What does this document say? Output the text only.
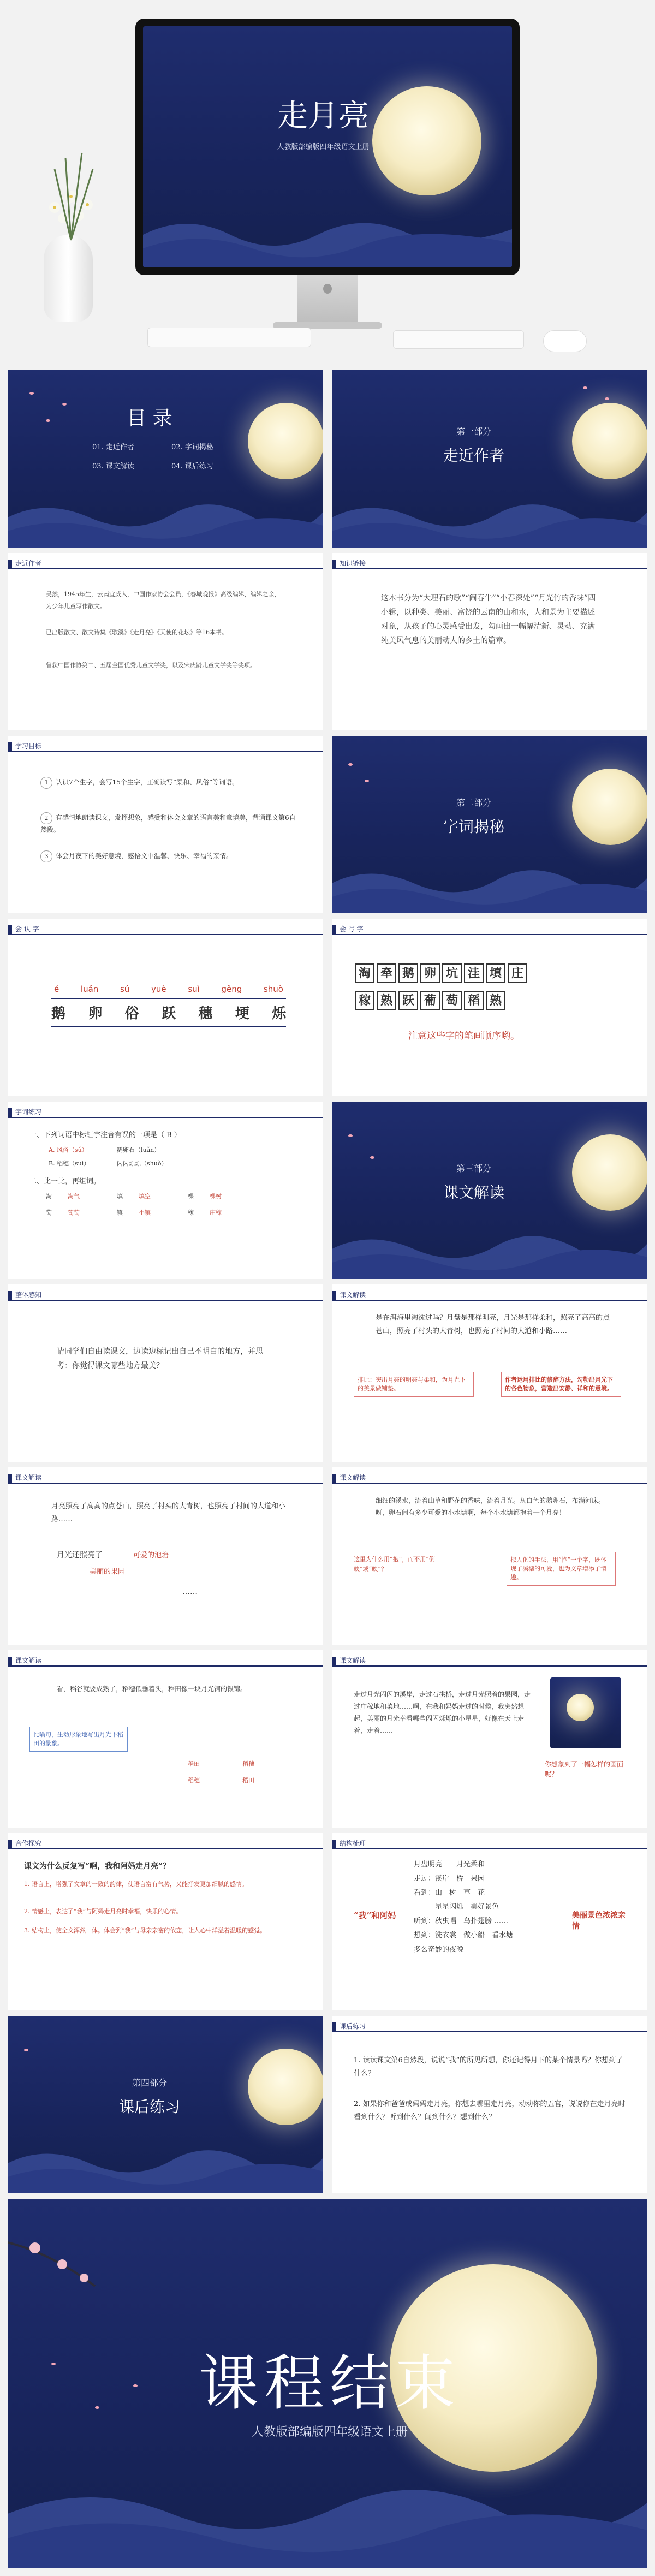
走月亮
人教版部编版四年级语文上册
目 录
01. 走近作者	02. 字词揭秘
03. 课文解读	04. 课后练习
第一部分
走近作者
走近作者
吴然，1945年生，云南宜威人，中国作家协会会员，《春城晚报》高级编辑，编辑之余，为少年儿童写作散文。
已出版散文、散文诗集《歌溪》《走月亮》《天使的花坛》等16本书。
曾获中国作协第二、五届全国优秀儿童文学奖，以及宋庆龄儿童文学奖等奖项。
知识链接
这本书分为“大理石的歌”“闹春牛”“小春深处”“月光竹的香味”四小辑，以种类、美丽、富饶的云南的山和水，人和景为主要描述对象，从孩子的心灵感受出发，勾画出一幅幅清新、灵动、充满纯美风气息的美丽动人的乡土的篇章。
学习目标
1 认识7个生字，会写15个生字，正确读写“柔和、风俗”等词语。
2 有感情地朗读课文，发挥想象，感受和体会文章的语言美和意境美，背诵课文第6自然段。
3 体会月夜下的美好意境，感悟文中温馨、快乐、幸福的亲情。
第二部分
字词揭秘
会 认 字
é	luǎn	sú	yuè	suì	gěng	shuò
鹅 卵 俗 跃 穗 埂 烁
会 写 字
淘 牵 鹅 卵 坑 洼 填 庄
稼 熟 跃 葡 萄 稻 熟
注意这些字的笔画顺序哟。
字词练习
一、下列词语中标红字注音有误的一项是（ B ）
A. 风俗（sú）	鹅卵石（luǎn）
B. 稻穗（suì）	闪闪烁烁（shuò）
二、比一比，再组词。
淘	淘气
萄	葡萄
填	填空
镇	小镇
棵	棵树
稼	庄稼
第三部分
课文解读
整体感知
请同学们自由读课文，边读边标记出自己不明白的地方，并思考：你觉得课文哪些地方最美？
课文解读
是在洱海里淘洗过吗？月盘是那样明亮，月光是那样柔和，照亮了高高的点苍山，照亮了村头的大青树，也照亮了村间的大道和小路……
排比：突出月亮的明亮与柔和，为月光下的美景做铺垫。
作者运用排比的修辞方法，勾勒出月光下的各色物象，营造出安静、祥和的意境。
课文解读
月亮照亮了高高的点苍山，照亮了村头的大青树，也照亮了村间的大道和小路……
月光还照亮了	可爱的池塘
美丽的果园
……
课文解读
细细的溪水，流着山草和野花的香味，流着月光。灰白色的鹅卵石，布满河床。呀，卵石间有多少可爱的小水塘啊，每个小水塘都抱着一个月亮！
这里为什么用“抱”，而不用“倒映”或“映”？
拟人化的手法，用“抱”一个字，既体现了溪塘的可爱，也为文章增添了情趣。
课文解读
看，稻谷就要成熟了，稻穗低垂着头，稻田像一块月光铺的银锦。
比喻句，生动形象地写出月光下稻田的景象。
稻田	稻穗
稻田
稻穗
课文解读
走过月光闪闪的溪岸，走过石拱桥，走过月光照着的果园，走过庄稼地和菜地……啊，在我和妈妈走过的时候，我突然想起，美丽的月光幸看哪些闪闪烁烁的小星星，好像在天上走着，走着……
你想象到了一幅怎样的画面呢？
合作探究
课文为什么反复写“啊，我和阿妈走月亮”？
1. 语言上，增强了文章的一致的韵律，使语言富有气势，又能抒发更加细腻的感情。
2. 情感上，表达了“我”与阿妈走月亮时幸福，快乐的心情。
3. 结构上，使全文浑然一体。体会到“我”与母亲亲密的依恋，让人心中洋溢着温暖的感觉。
结构梳理
“我”和阿妈
月盘明亮　　月光柔和
走过：溪岸　桥　果园
看到：山　树　草　花
　　　星星闪烁　美好景色
听到：秋虫唱　鸟扑翅膀 ……
想到：洗衣裳　做小船　看水塘
多么奇妙的夜晚
美丽景色浓浓亲情
第四部分
课后练习
课后练习
1. 读读课文第6自然段，说说“我”的所见所想，你还记得月下的某个情景吗？你想到了什么？
2. 如果你和爸爸或妈妈走月亮，你想去哪里走月亮，动动你的五官，说说你在走月亮时看到什么？听到什么？闻到什么？想到什么？
课程结束
人教版部编版四年级语文上册
